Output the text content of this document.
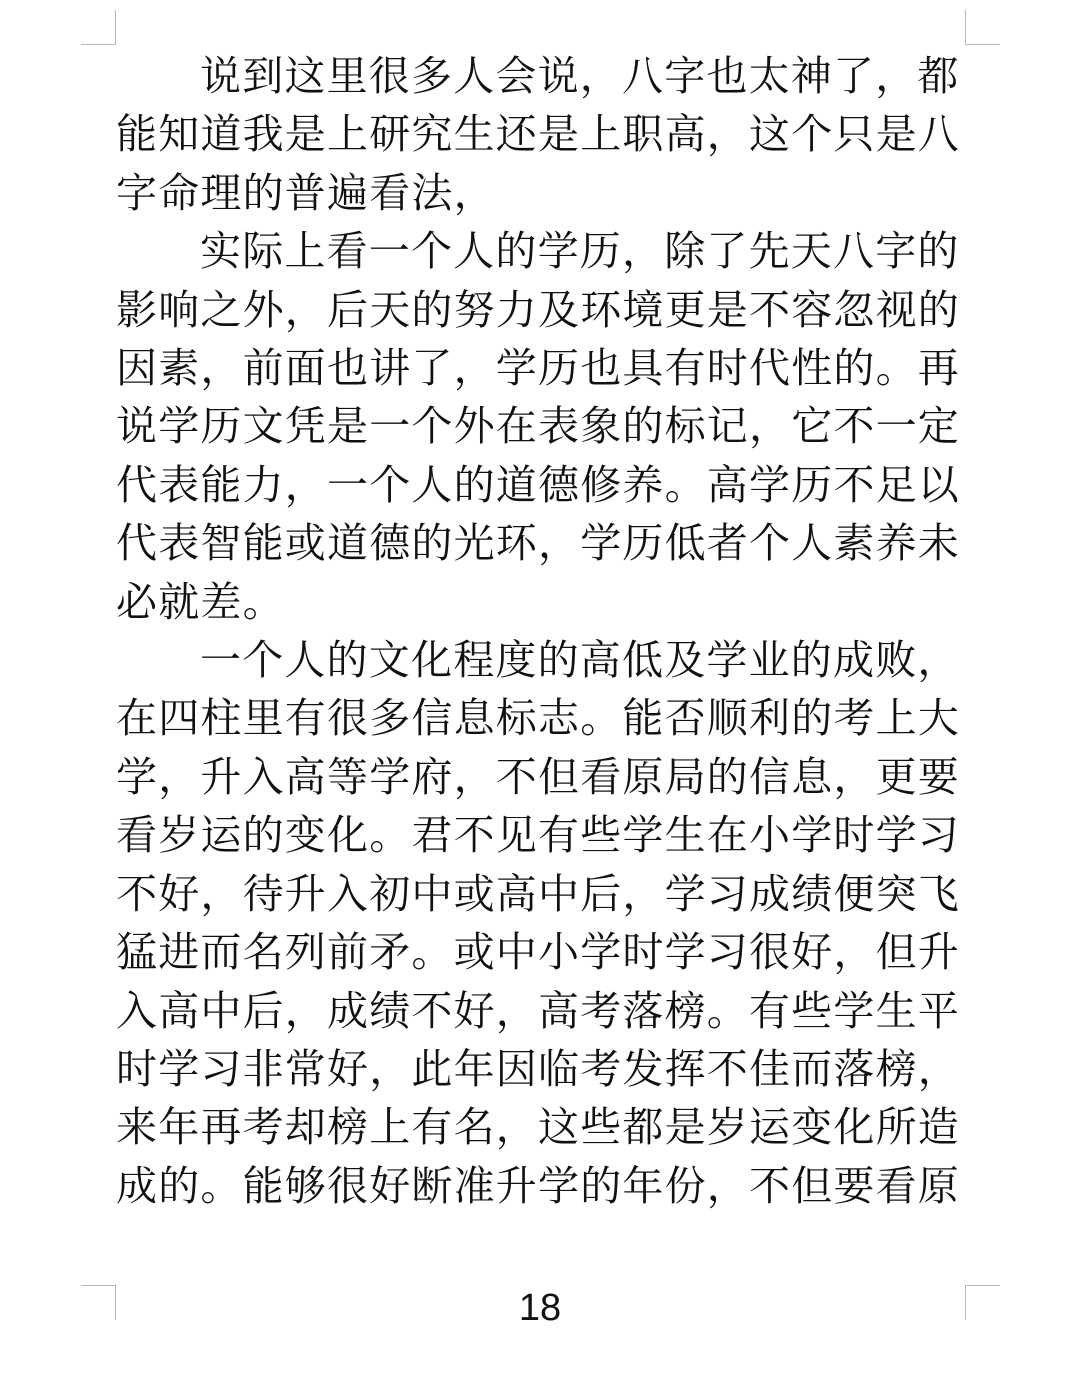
说到这里很多人会说，八字也太神了，都能知道我是上研究生还是上职高，这个只是八字命理的普遍看法，

实际上看一个人的学历，除了先天八字的影响之外，后天的努力及环境更是不容忽视的因素，前面也讲了，学历也具有时代性的。再说学历文凭是一个外在表象的标记，它不一定代表能力，一个人的道德修养。高学历不足以代表智能或道德的光环，学历低者个人素养未必就差。

一个人的文化程度的高低及学业的成败，在四柱里有很多信息标志。能否顺利的考上大学，升入高等学府，不但看原局的信息，更要看岁运的变化。君不见有些学生在小学时学习不好，待升入初中或高中后，学习成绩便突飞猛进而名列前矛。或中小学时学习很好，但升入高中后，成绩不好，高考落榜。有些学生平时学习非常好，此年因临考发挥不佳而落榜，来年再考却榜上有名，这些都是岁运变化所造成的。能够很好断准升学的年份，不但要看原

18
